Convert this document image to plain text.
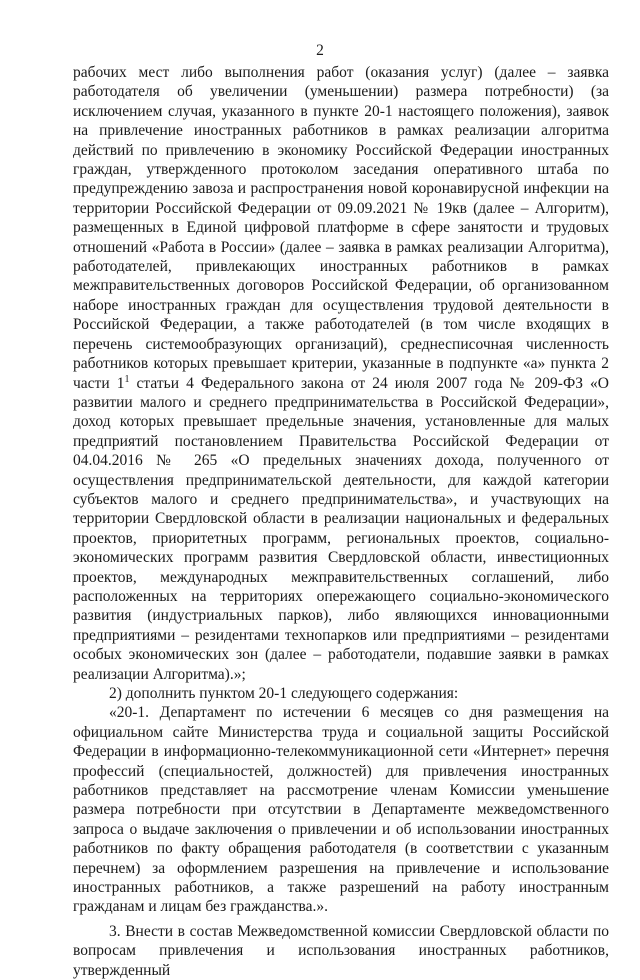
2

рабочих мест либо выполнения работ (оказания услуг) (далее – заявка работодателя об увеличении (уменьшении) размера потребности) (за исключением случая, указанного в пункте 20-1 настоящего положения), заявок на привлечение иностранных работников в рамках реализации алгоритма действий по привлечению в экономику Российской Федерации иностранных граждан, утвержденного протоколом заседания оперативного штаба по предупреждению завоза и распространения новой коронавирусной инфекции на территории Российской Федерации от 09.09.2021 № 19кв (далее – Алгоритм), размещенных в Единой цифровой платформе в сфере занятости и трудовых отношений «Работа в России» (далее – заявка в рамках реализации Алгоритма), работодателей, привлекающих иностранных работников в рамках межправительственных договоров Российской Федерации, об организованном наборе иностранных граждан для осуществления трудовой деятельности в Российской Федерации, а также работодателей (в том числе входящих в перечень системообразующих организаций), среднесписочная численность работников которых превышает критерии, указанные в подпункте «а» пункта 2 части $1^1$ статьи 4 Федерального закона от 24 июля 2007 года № 209-ФЗ «О развитии малого и среднего предпринимательства в Российской Федерации», доход которых превышает предельные значения, установленные для малых предприятий постановлением Правительства Российской Федерации от 04.04.2016 № 265 «О предельных значениях дохода, полученного от осуществления предпринимательской деятельности, для каждой категории субъектов малого и среднего предпринимательства», и участвующих на территории Свердловской области в реализации национальных и федеральных проектов, приоритетных программ, региональных проектов, социально-экономических программ развития Свердловской области, инвестиционных проектов, международных межправительственных соглашений, либо расположенных на территориях опережающего социально-экономического развития (индустриальных парков), либо являющихся инновационными предприятиями – резидентами технопарков или предприятиями – резидентами особых экономических зон (далее – работодатели, подавшие заявки в рамках реализации Алгоритма).»;

2) дополнить пунктом 20-1 следующего содержания:

«20-1. Департамент по истечении 6 месяцев со дня размещения на официальном сайте Министерства труда и социальной защиты Российской Федерации в информационно-телекоммуникационной сети «Интернет» перечня профессий (специальностей, должностей) для привлечения иностранных работников представляет на рассмотрение членам Комиссии уменьшение размера потребности при отсутствии в Департаменте межведомственного запроса о выдаче заключения о привлечении и об использовании иностранных работников по факту обращения работодателя (в соответствии с указанным перечнем) за оформлением разрешения на привлечение и использование иностранных работников, а также разрешений на работу иностранным гражданам и лицам без гражданства.».

3. Внести в состав Межведомственной комиссии Свердловской области по вопросам привлечения и использования иностранных работников, утвержденный
